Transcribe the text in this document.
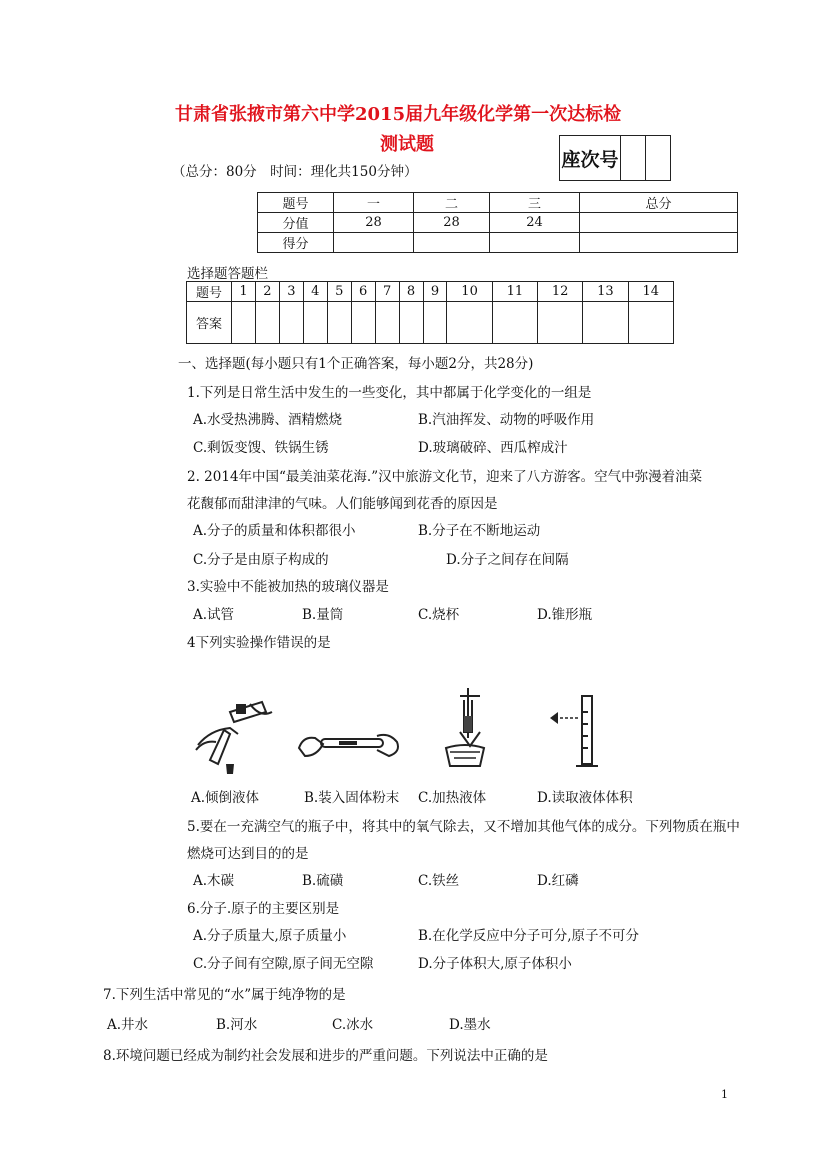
甘肃省张掖市第六中学2015届九年级化学第一次达标检
测试题
（总分：80分　时间：理化共150分钟）
座次号
题号	一	二	三	总分
分值	28	28	24	
得分				
选择题答题栏
题号	1	2	3	4	5	6	7	8	9	10	11	12	13	14
答案														
一、选择题(每小题只有1个正确答案，每小题2分，共28分)
1.下列是日常生活中发生的一些变化，其中都属于化学变化的一组是
A.水受热沸腾、酒精燃烧	B.汽油挥发、动物的呼吸作用
C.剩饭变馊、铁锅生锈	D.玻璃破碎、西瓜榨成汁
2. 2014年中国“最美油菜花海.”汉中旅游文化节，迎来了八方游客。空气中弥漫着油菜
花馥郁而甜津津的气味。人们能够闻到花香的原因是
A.分子的质量和体积都很小	B.分子在不断地运动
C.分子是由原子构成的	D.分子之间存在间隔
3.实验中不能被加热的玻璃仪器是
A.试管	B.量筒	C.烧杯	D.锥形瓶
4下列实验操作错误的是
A.倾倒液体	B.装入固体粉末 C.加热液体	D.读取液体体积
5.要在一充满空气的瓶子中，将其中的氧气除去，又不增加其他气体的成分。下列物质在瓶中
燃烧可达到目的的是
A.木碳	B.硫磺	C.铁丝	D.红磷
6.分子.原子的主要区别是
A.分子质量大,原子质量小	B.在化学反应中分子可分,原子不可分
C.分子间有空隙,原子间无空隙	D.分子体积大,原子体积小
7.下列生活中常见的“水”属于纯净物的是
A.井水	B.河水	C.冰水	D.墨水
8.环境问题已经成为制约社会发展和进步的严重问题。下列说法中正确的是
1
